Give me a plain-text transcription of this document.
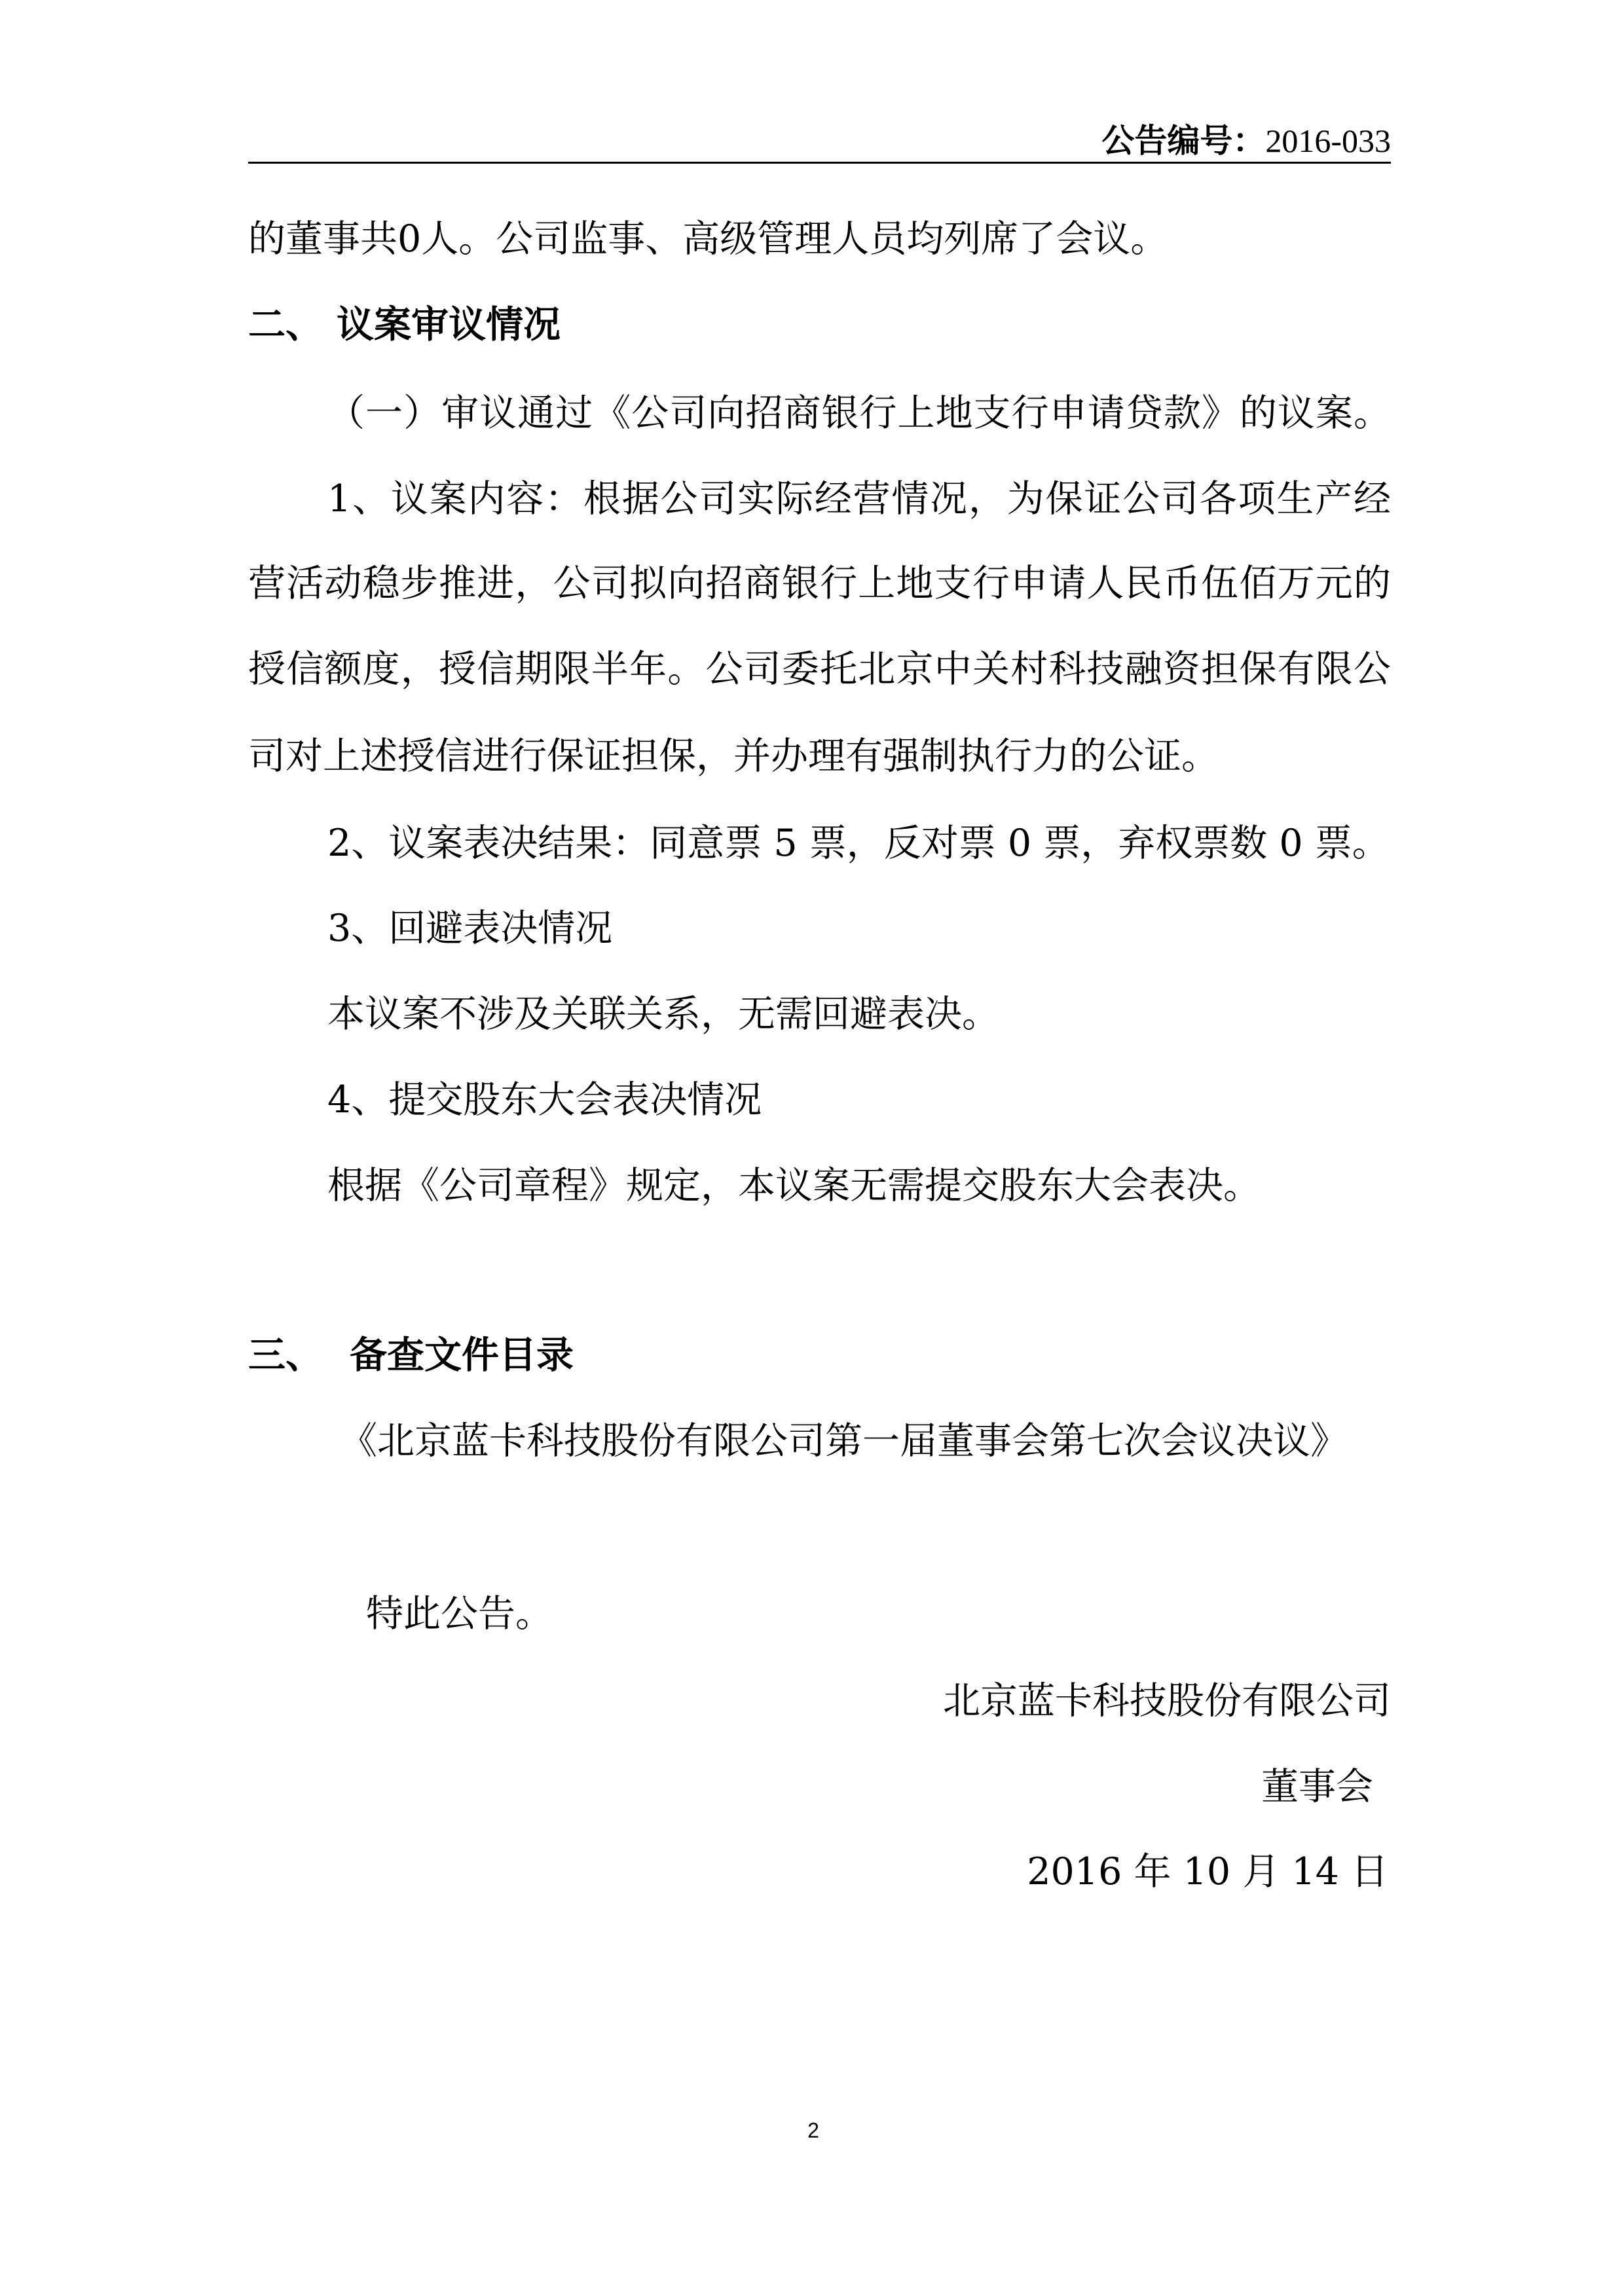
公告编号：2016-033
的董事共0人。公司监事、高级管理人员均列席了会议。
二、 议案审议情况
（一）审议通过《公司向招商银行上地支行申请贷款》的议案。
1、议案内容：根据公司实际经营情况，为保证公司各项生产经
营活动稳步推进，公司拟向招商银行上地支行申请人民币伍佰万元的
授信额度，授信期限半年。公司委托北京中关村科技融资担保有限公
司对上述授信进行保证担保，并办理有强制执行力的公证。
2、议案表决结果：同意票 5 票，反对票 0 票，弃权票数 0 票。
3、回避表决情况
本议案不涉及关联关系，无需回避表决。
4、提交股东大会表决情况
根据《公司章程》规定，本议案无需提交股东大会表决。
三、 备查文件目录
《北京蓝卡科技股份有限公司第一届董事会第七次会议决议》
特此公告。
北京蓝卡科技股份有限公司
董事会
2016 年 10 月 14 日
2
